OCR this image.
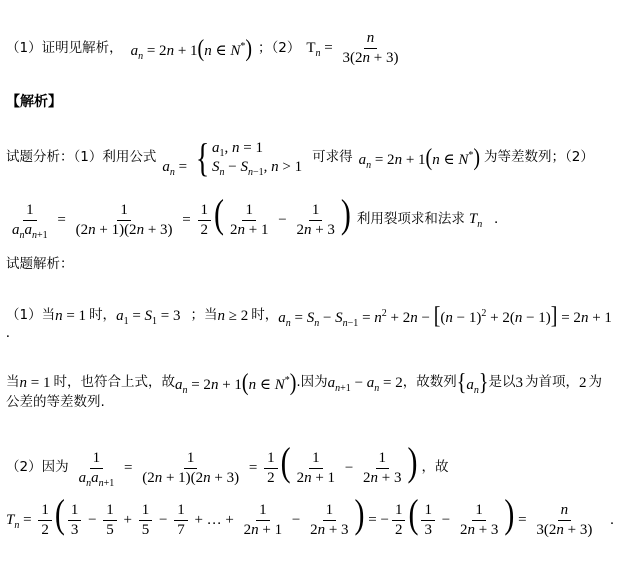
（1）证明见解析， $a_n = 2n + 1(n$ ∈ N*) ；（2） $T_n = \frac{n}{3(2n + 3)}$
【解析】
试题分析：（1）利用公式
$a_n$ = { $a_1$, n = 1
$S_n - S_{n-1}$, n > 1
可求得 $a_n = 2n + 1(n$ ∈ N*) 为等差数列；（2）
$\frac{1}{a_na_{n+1}} = \frac{1}{(2n + 1)(2n + 3)} = \frac{1}{2}$ ( $\frac{1}{2n + 1} - \frac{1}{2n + 3}$ ) 利用裂项求和法求 $T_n$ .
试题解析：
（1）当 n = 1 时， $a_1 = S_1 = 3$ ；当 n ≥ 2 时， $a_n = S_n - S_{n-1} = n^2 + 2n - [(n - 1)^2 + 2(n - 1)] = 2n + 1$
.
当 n = 1 时，也符合上式，故 $a_n = 2n + 1(n$ ∈ N*) .因为 $a_{n+1} - a_n = 2$ ，故数列 $\{a_n\}$ 是以 3 为首项， 2 为
公差的等差数列.
（2）因为 $\frac{1}{a_na_{n+1}} = \frac{1}{(2n + 1)(2n + 3)} = \frac{1}{2}$ ( $\frac{1}{2n + 1} - \frac{1}{2n + 3}$ ) ，故
$T_n = \frac{1}{2}$ ( $\frac{1}{3} - \frac{1}{5} + \frac{1}{5} - \frac{1}{7}$ + … + $\frac{1}{2n + 1} - \frac{1}{2n + 3}$ ) = − $\frac{1}{2}$ ( $\frac{1}{3} - \frac{1}{2n + 3}$ ) = $\frac{n}{3(2n + 3)}$ .
